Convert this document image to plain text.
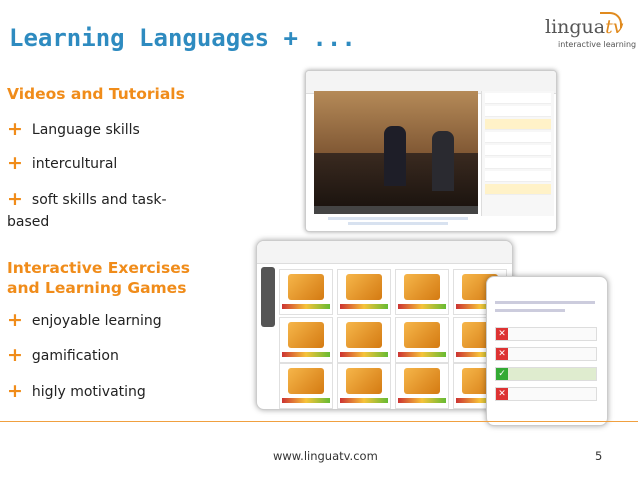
Learning Languages + ...	linguatv
interactive learning
Videos and Tutorials
+ Language skills
+ intercultural
+ soft skills and task-
based
Interactive Exercises
and Learning Games
+ enjoyable learning
+ gamification
+ higly motivating
✕
✕
✓
✕
www.linguatv.com	5
